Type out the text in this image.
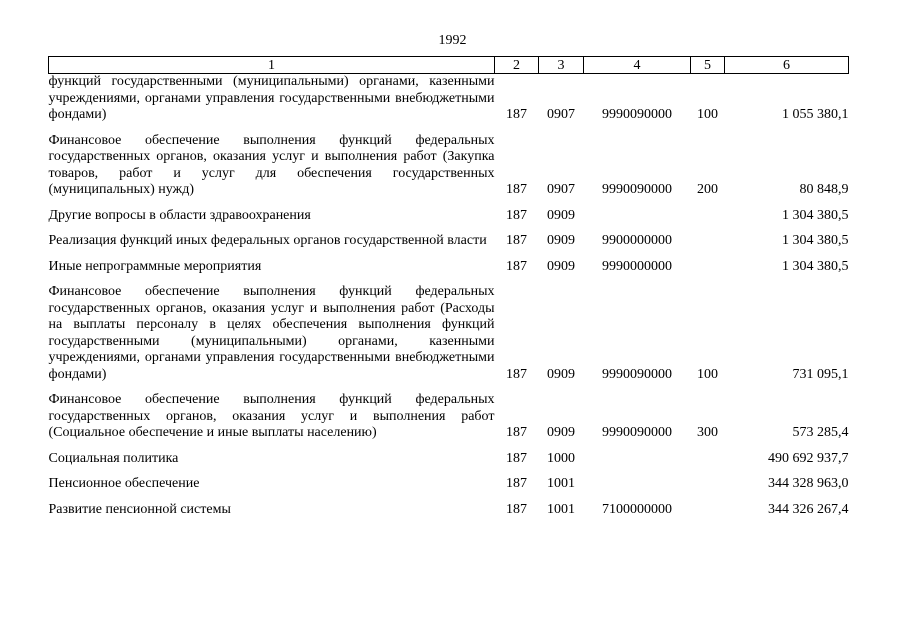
1992
1	2	3	4	5	6
функций государственными (муниципальными) органами, казенными учреждениями, органами управления государственными внебюджетными фондами)	187	0907	9990090000	100	1 055 380,1

Финансовое обеспечение выполнения функций федеральных государственных органов, оказания услуг и выполнения работ (Закупка товаров, работ и услуг для обеспечения государственных (муниципальных) нужд)	187	0907	9990090000	200	80 848,9

Другие вопросы в области здравоохранения	187	0909			1 304 380,5

Реализация функций иных федеральных органов государственной власти	187	0909	9900000000		1 304 380,5

Иные непрограммные мероприятия	187	0909	9990000000		1 304 380,5

Финансовое обеспечение выполнения функций федеральных государственных органов, оказания услуг и выполнения работ (Расходы на выплаты персоналу в целях обеспечения выполнения функций государственными (муниципальными) органами, казенными учреждениями, органами управления государственными внебюджетными фондами)	187	0909	9990090000	100	731 095,1

Финансовое обеспечение выполнения функций федеральных государственных органов, оказания услуг и выполнения работ (Социальное обеспечение и иные выплаты населению)	187	0909	9990090000	300	573 285,4

Социальная политика	187	1000			490 692 937,7

Пенсионное обеспечение	187	1001			344 328 963,0

Развитие пенсионной системы	187	1001	7100000000		344 326 267,4
